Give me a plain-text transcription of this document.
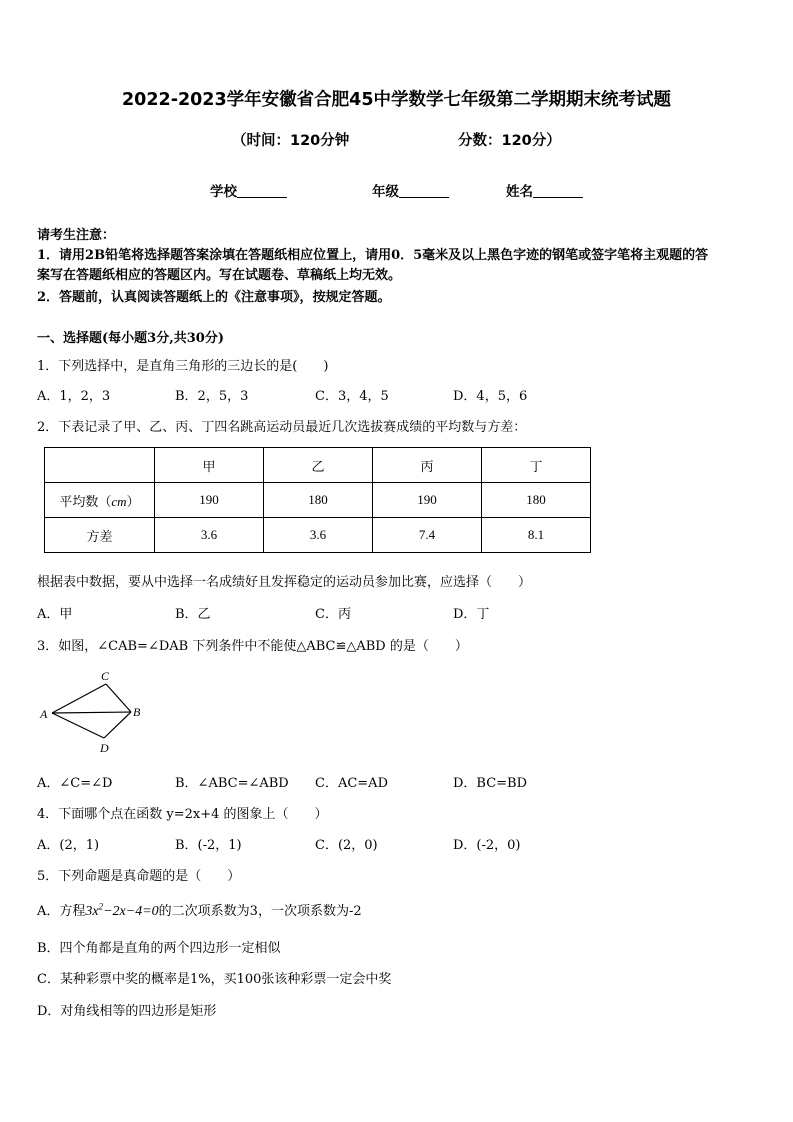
2022-2023学年安徽省合肥45中学数学七年级第二学期期末统考试题
（时间：120分钟	分数：120分）
学校	年级	姓名
请考生注意：
1．请用2B铅笔将选择题答案涂填在答题纸相应位置上，请用0．5毫米及以上黑色字迹的钢笔或签字笔将主观题的答
案写在答题纸相应的答题区内。写在试题卷、草稿纸上均无效。
2．答题前，认真阅读答题纸上的《注意事项》，按规定答题。
一、选择题(每小题3分,共30分)
1．下列选择中，是直角三角形的三边长的是(　　)
A．1，2，3	B．2，5，3	C．3，4，5	D．4，5，6
2．下表记录了甲、乙、丙、丁四名跳高运动员最近几次选拔赛成绩的平均数与方差：
	甲	乙	丙	丁
平均数（cm）	190	180	190	180
方差	3.6	3.6	7.4	8.1
根据表中数据，要从中选择一名成绩好且发挥稳定的运动员参加比赛，应选择（　　）
A．甲	B．乙	C．丙	D．丁
3．如图，∠CAB=∠DAB 下列条件中不能使△ABC≌△ABD 的是（　　）
C
A	B
D
A．∠C=∠D	B．∠ABC=∠ABD C．AC=AD	D．BC=BD
4．下面哪个点在函数 y=2x+4 的图象上（　　）
A．(2，1)	B．(-2，1)	C．(2，0)	D．(-2，0)
5．下列命题是真命题的是（　　）
A．方程$3x^2-2x-4=0$的二次项系数为3，一次项系数为-2
B．四个角都是直角的两个四边形一定相似
C．某种彩票中奖的概率是1%，买100张该种彩票一定会中奖
D．对角线相等的四边形是矩形
